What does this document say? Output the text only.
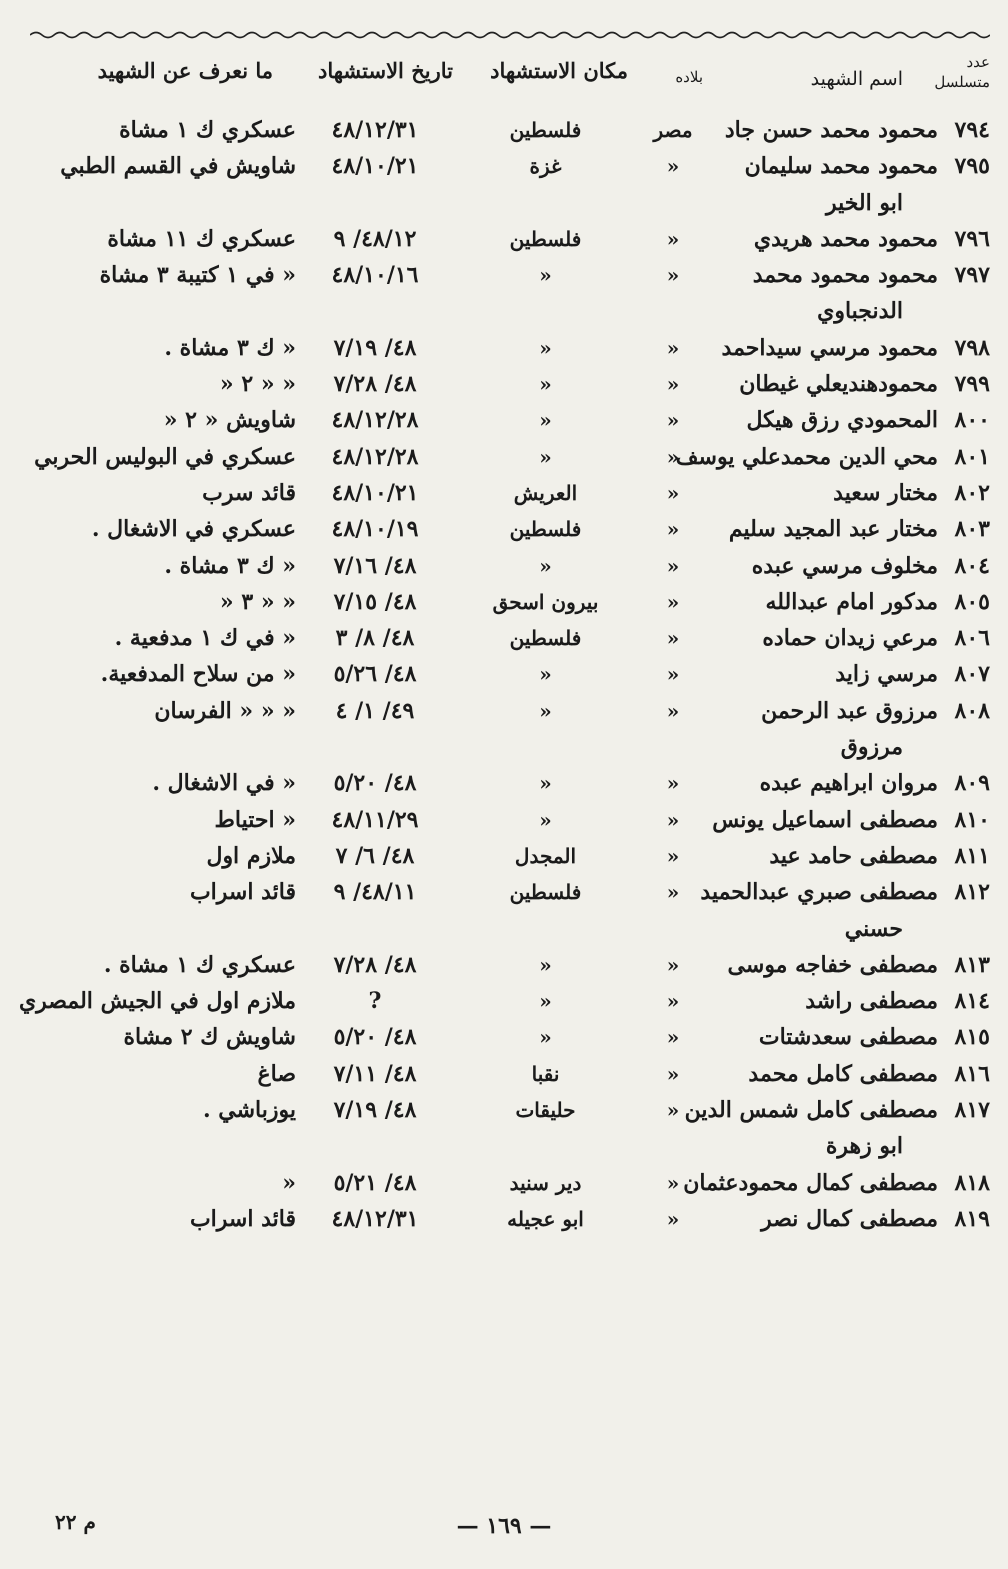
عدد
متسلسل
اسم الشهيد
بلاده
مكان الاستشهاد
تاريخ الاستشهاد
ما نعرف عن الشهيد
٧٩٤
محمود محمد حسن جاد
مصر
فلسطين
٤٨/١٢/٣١
عسكري ك ١ مشاة
٧٩٥
محمود محمد سليمان
«
غزة
٤٨/١٠/٢١
شاويش في القسم الطبي
ابو الخير
٧٩٦
محمود محمد هريدي
«
فلسطين
٤٨/١٢/ ٩
عسكري ك ١١ مشاة
٧٩٧
محمود محمود محمد
«
«
٤٨/١٠/١٦
« في ١ كتيبة ٣ مشاة
الدنجباوي
٧٩٨
محمود مرسي سيداحمد
«
«
٤٨/ ٧/١٩
« ك ٣ مشاة .
٧٩٩
محمودهنديعلي غيطان
«
«
٤٨/ ٧/٢٨
« « ٢ «
٨٠٠
المحمودي رزق هيكل
«
«
٤٨/١٢/٢٨
شاويش « ٢ «
٨٠١
محي الدين محمدعلي يوسف
«
«
٤٨/١٢/٢٨
عسكري في البوليس الحربي
٨٠٢
مختار سعيد
«
العريش
٤٨/١٠/٢١
قائد سرب
٨٠٣
مختار عبد المجيد سليم
«
فلسطين
٤٨/١٠/١٩
عسكري في الاشغال .
٨٠٤
مخلوف مرسي عبده
«
«
٤٨/ ٧/١٦
« ك ٣ مشاة .
٨٠٥
مدكور امام عبدالله
«
بيرون اسحق
٤٨/ ٧/١٥
« « ٣ «
٨٠٦
مرعي زيدان حماده
«
فلسطين
٤٨/ ٨/ ٣
« في ك ١ مدفعية .
٨٠٧
مرسي زايد
«
«
٤٨/ ٥/٢٦
« من سلاح المدفعية.
٨٠٨
مرزوق عبد الرحمن
«
«
٤٩/ ١/ ٤
« « « الفرسان
مرزوق
٨٠٩
مروان ابراهيم عبده
«
«
٤٨/ ٥/٢٠
« في الاشغال .
٨١٠
مصطفى اسماعيل يونس
«
«
٤٨/١١/٢٩
« احتياط
٨١١
مصطفى حامد عيد
«
المجدل
٤٨/ ٦/ ٧
ملازم اول
٨١٢
مصطفى صبري عبدالحميد
«
فلسطين
٤٨/١١/ ٩
قائد اسراب
حسني
٨١٣
مصطفى خفاجه موسى
«
«
٤٨/ ٧/٢٨
عسكري ك ١ مشاة .
٨١٤
مصطفى راشد
«
«
?
ملازم اول في الجيش المصري
٨١٥
مصطفى سعدشتات
«
«
٤٨/ ٥/٢٠
شاويش ك ٢ مشاة
٨١٦
مصطفى كامل محمد
«
نقبا
٤٨/ ٧/١١
صاغ
٨١٧
مصطفى كامل شمس الدين
«
حليقات
٤٨/ ٧/١٩
يوزباشي .
ابو زهرة
٨١٨
مصطفى كمال محمودعثمان
«
دير سنيد
٤٨/ ٥/٢١
«
٨١٩
مصطفى كمال نصر
«
ابو عجيله
٤٨/١٢/٣١
قائد اسراب
— ١٦٩ —
م ٢٢
